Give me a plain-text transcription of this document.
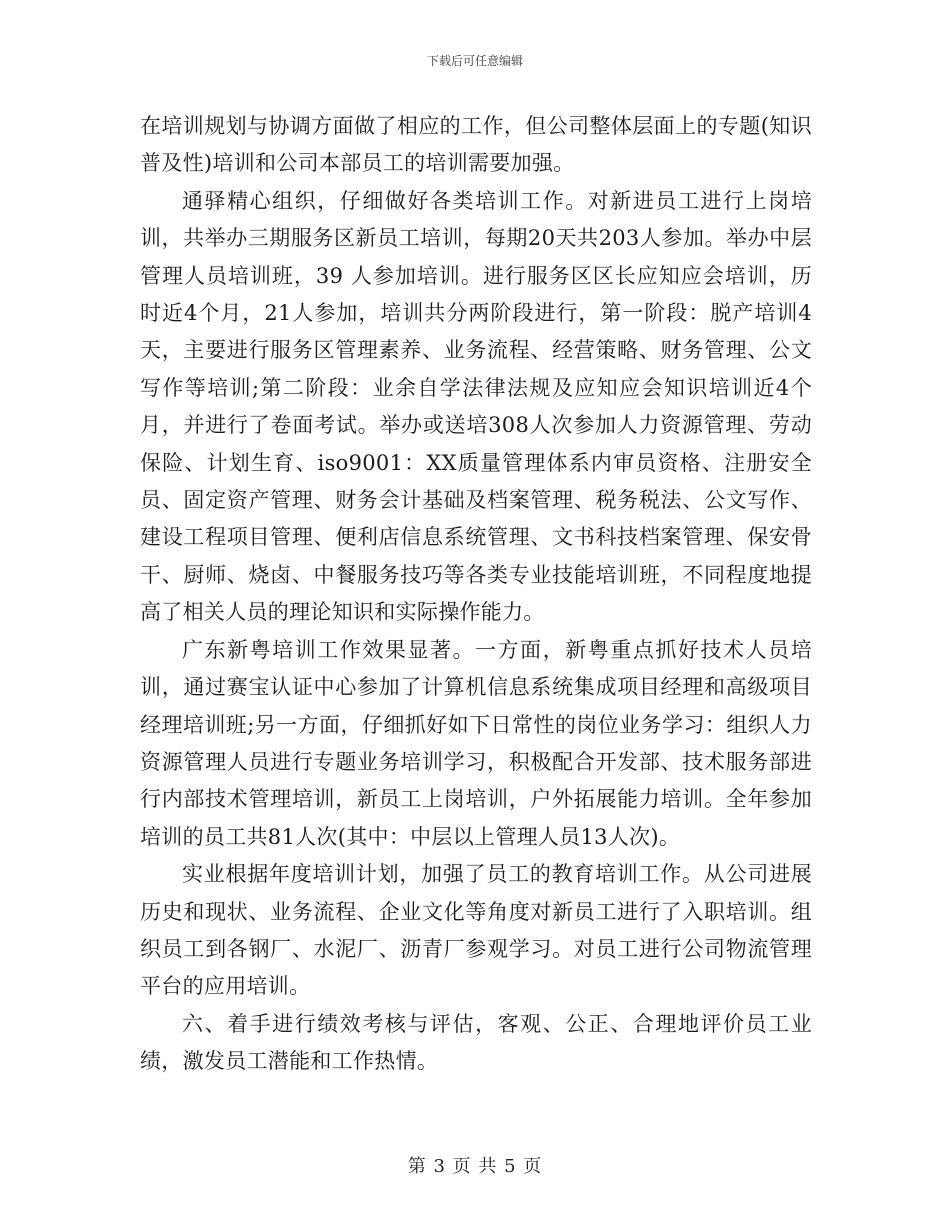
下载后可任意编辑

在培训规划与协调方面做了相应的工作，但公司整体层面上的专题(知识普及性)培训和公司本部员工的培训需要加强。

通驿精心组织，仔细做好各类培训工作。对新进员工进行上岗培训，共举办三期服务区新员工培训，每期20天共203人参加。举办中层管理人员培训班，39 人参加培训。进行服务区区长应知应会培训，历时近4个月，21人参加，培训共分两阶段进行，第一阶段：脱产培训4天，主要进行服务区管理素养、业务流程、经营策略、财务管理、公文写作等培训;第二阶段：业余自学法律法规及应知应会知识培训近4个月，并进行了卷面考试。举办或送培308人次参加人力资源管理、劳动保险、计划生育、iso9001：XX质量管理体系内审员资格、注册安全员、固定资产管理、财务会计基础及档案管理、税务税法、公文写作、建设工程项目管理、便利店信息系统管理、文书科技档案管理、保安骨干、厨师、烧卤、中餐服务技巧等各类专业技能培训班，不同程度地提高了相关人员的理论知识和实际操作能力。

广东新粤培训工作效果显著。一方面，新粤重点抓好技术人员培训，通过赛宝认证中心参加了计算机信息系统集成项目经理和高级项目经理培训班;另一方面，仔细抓好如下日常性的岗位业务学习：组织人力资源管理人员进行专题业务培训学习，积极配合开发部、技术服务部进行内部技术管理培训，新员工上岗培训，户外拓展能力培训。全年参加培训的员工共81人次(其中：中层以上管理人员13人次)。

实业根据年度培训计划，加强了员工的教育培训工作。从公司进展历史和现状、业务流程、企业文化等角度对新员工进行了入职培训。组织员工到各钢厂、水泥厂、沥青厂参观学习。对员工进行公司物流管理平台的应用培训。

六、着手进行绩效考核与评估，客观、公正、合理地评价员工业绩，激发员工潜能和工作热情。

第 3 页 共 5 页
